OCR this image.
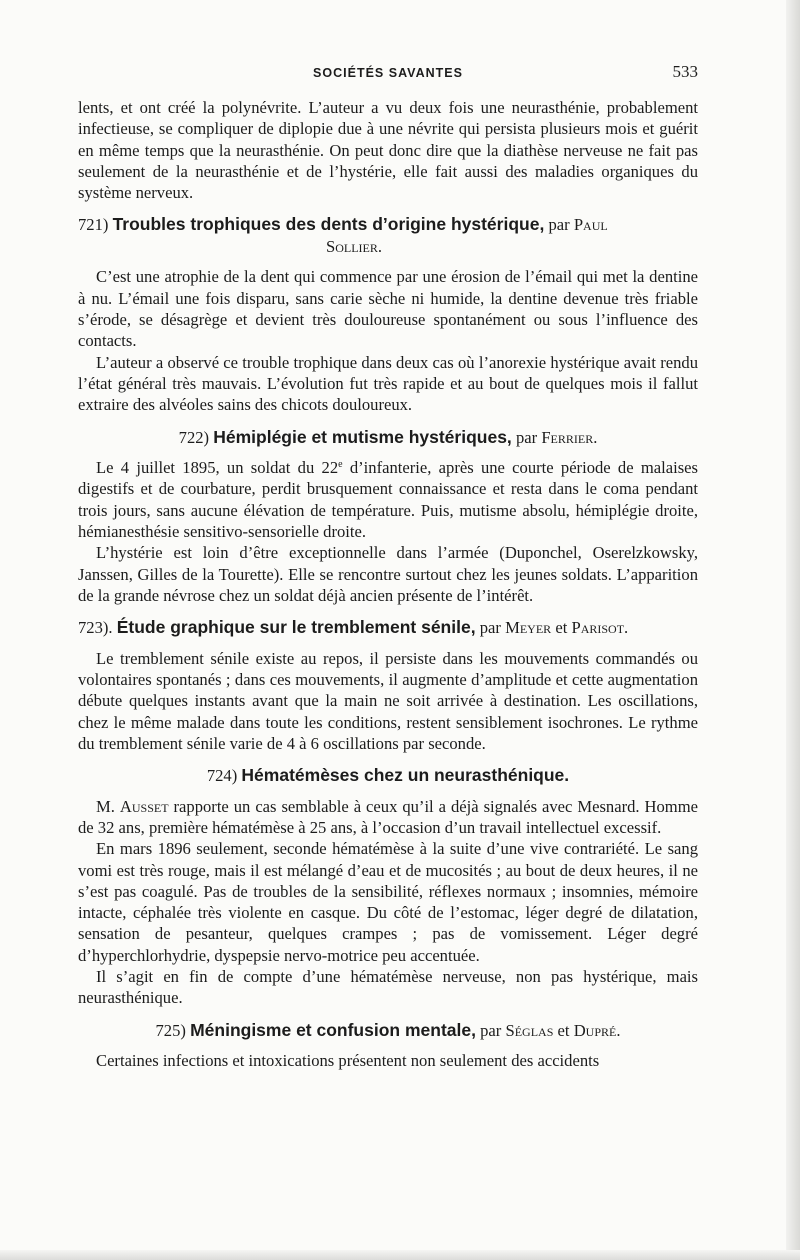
SOCIÉTÉS SAVANTES	533

lents, et ont créé la polynévrite. L’auteur a vu deux fois une neurasthénie, probablement infectieuse, se compliquer de diplopie due à une névrite qui persista plusieurs mois et guérit en même temps que la neurasthénie. On peut donc dire que la diathèse nerveuse ne fait pas seulement de la neurasthénie et de l’hystérie, elle fait aussi des maladies organiques du système nerveux.

721) Troubles trophiques des dents d’origine hystérique, par Paul
Sollier.

C’est une atrophie de la dent qui commence par une érosion de l’émail qui met la dentine à nu. L’émail une fois disparu, sans carie sèche ni humide, la dentine devenue très friable s’érode, se désagrège et devient très douloureuse spontanément ou sous l’influence des contacts.

L’auteur a observé ce trouble trophique dans deux cas où l’anorexie hystérique avait rendu l’état général très mauvais. L’évolution fut très rapide et au bout de quelques mois il fallut extraire des alvéoles sains des chicots douloureux.

722) Hémiplégie et mutisme hystériques, par Ferrier.

Le 4 juillet 1895, un soldat du 22e d’infanterie, après une courte période de malaises digestifs et de courbature, perdit brusquement connaissance et resta dans le coma pendant trois jours, sans aucune élévation de température. Puis, mutisme absolu, hémiplégie droite, hémianesthésie sensitivo-sensorielle droite.

L’hystérie est loin d’être exceptionnelle dans l’armée (Duponchel, Oserelzkowsky, Janssen, Gilles de la Tourette). Elle se rencontre surtout chez les jeunes soldats. L’apparition de la grande névrose chez un soldat déjà ancien présente de l’intérêt.

723). Étude graphique sur le tremblement sénile, par Meyer et Parisot.

Le tremblement sénile existe au repos, il persiste dans les mouvements commandés ou volontaires spontanés ; dans ces mouvements, il augmente d’amplitude et cette augmentation débute quelques instants avant que la main ne soit arrivée à destination. Les oscillations, chez le même malade dans toute les conditions, restent sensiblement isochrones. Le rythme du tremblement sénile varie de 4 à 6 oscillations par seconde.

724) Hématémèses chez un neurasthénique.

M. Ausset rapporte un cas semblable à ceux qu’il a déjà signalés avec Mesnard. Homme de 32 ans, première hématémèse à 25 ans, à l’occasion d’un travail intellectuel excessif.

En mars 1896 seulement, seconde hématémèse à la suite d’une vive contrariété. Le sang vomi est très rouge, mais il est mélangé d’eau et de mucosités ; au bout de deux heures, il ne s’est pas coagulé. Pas de troubles de la sensibilité, réflexes normaux ; insomnies, mémoire intacte, céphalée très violente en casque. Du côté de l’estomac, léger degré de dilatation, sensation de pesanteur, quelques crampes ; pas de vomissement. Léger degré d’hyperchlorhydrie, dyspepsie nervo-motrice peu accentuée.

Il s’agit en fin de compte d’une hématémèse nerveuse, non pas hystérique, mais neurasthénique.

725) Méningisme et confusion mentale, par Séglas et Dupré.

Certaines infections et intoxications présentent non seulement des accidents
